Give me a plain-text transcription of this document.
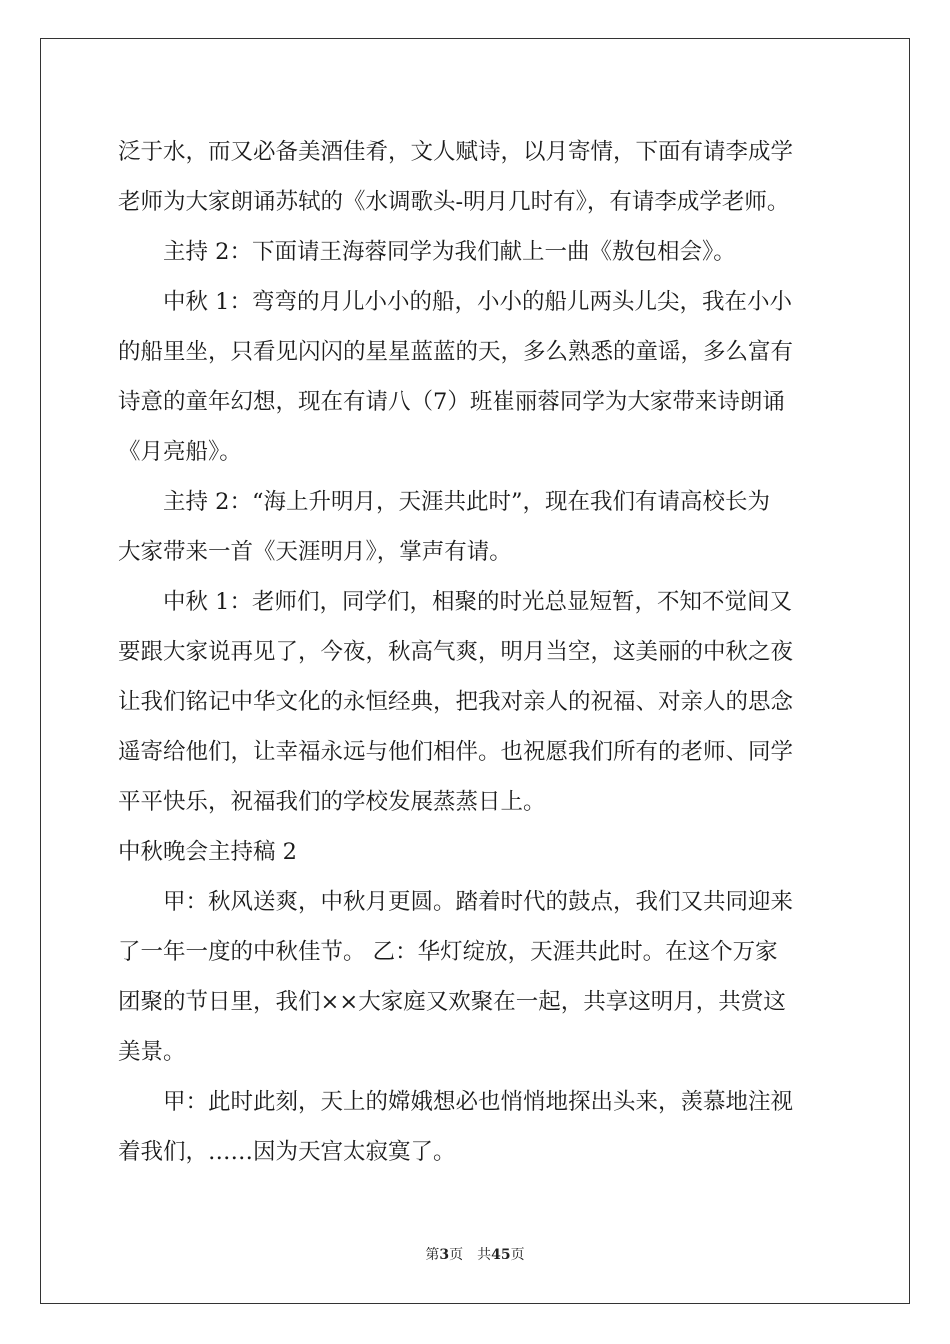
泛于水，而又必备美酒佳肴，文人赋诗，以月寄情，下面有请李成学
老师为大家朗诵苏轼的《水调歌头-明月几时有》，有请李成学老师。
主持 2：下面请王海蓉同学为我们献上一曲《敖包相会》。
中秋 1：弯弯的月儿小小的船，小小的船儿两头儿尖，我在小小
的船里坐，只看见闪闪的星星蓝蓝的天，多么熟悉的童谣，多么富有
诗意的童年幻想，现在有请八（7）班崔丽蓉同学为大家带来诗朗诵
《月亮船》。
主持 2：“海上升明月，天涯共此时”，现在我们有请高校长为
大家带来一首《天涯明月》，掌声有请。
中秋 1：老师们，同学们，相聚的时光总显短暂，不知不觉间又
要跟大家说再见了，今夜，秋高气爽，明月当空，这美丽的中秋之夜
让我们铭记中华文化的永恒经典，把我对亲人的祝福、对亲人的思念
遥寄给他们，让幸福永远与他们相伴。也祝愿我们所有的老师、同学
平平快乐，祝福我们的学校发展蒸蒸日上。
中秋晚会主持稿 2
甲：秋风送爽，中秋月更圆。踏着时代的鼓点，我们又共同迎来
了一年一度的中秋佳节。 乙：华灯绽放，天涯共此时。在这个万家
团聚的节日里，我们××大家庭又欢聚在一起，共享这明月，共赏这
美景。
甲：此时此刻，天上的嫦娥想必也悄悄地探出头来，羡慕地注视
着我们，……因为天宫太寂寞了。
第3页 共45页
